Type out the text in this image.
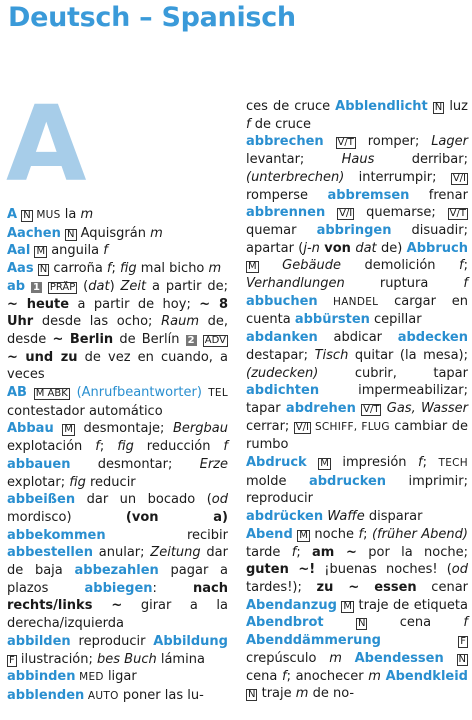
Deutsch – Spanisch
A

A N MUS la m

Aachen N Aquisgrán m

Aal M anguila f

Aas N carroña f; fig mal bicho m

ab 1 PRÄP (dat) Zeit a partir de; ~ heute a partir de hoy; ~ 8 Uhr desde las ocho; Raum de, desde ~ Berlin de Berlín 2 ADV ~ und zu de vez en cuando, a veces

AB M ABK (Anrufbeantworter) TEL contestador automático

Abbau M desmontaje; Bergbau explotación f; fig reducción f abbauen desmontar; Erze explotar; fig reducir

abbeißen dar un bocado (od mordisco) (von a) abbekommen recibir abbestellen anular; Zeitung dar de baja abbezahlen pagar a plazos abbiegen: nach rechts/links ~ girar a la derecha/izquierda

abbilden reproducir Abbildung F ilustración; bes Buch lámina

abbinden MED ligar

abblenden AUTO poner las lu-

ces de cruce Abblendlicht N luz f de cruce

abbrechen V/T romper; Lager levantar; Haus derribar; (unterbrechen) interrumpir; V/I romperse abbremsen frenar abbrennen V/I quemarse; V/T quemar abbringen disuadir; apartar (j-n von dat de) Abbruch M Gebäude demolición f; Verhandlungen ruptura f abbuchen HANDEL cargar en cuenta abbürsten cepillar

abdanken abdicar abdecken destapar; Tisch quitar (la mesa); (zudecken) cubrir, tapar abdichten impermeabilizar; tapar abdrehen V/T Gas, Wasser cerrar; V/I SCHIFF, FLUG cambiar de rumbo

Abdruck M impresión f; TECH molde abdrucken imprimir; reproducir

abdrücken Waffe disparar

Abend M noche f; (früher Abend) tarde f; am ~ por la noche; guten ~! ¡buenas noches! (od tardes!); zu ~ essen cenar Abendanzug M traje de etiqueta Abendbrot	N cena f Abenddämmerung	F crepúsculo m Abendessen N cena f; anochecer m Abendkleid N traje m de no-
